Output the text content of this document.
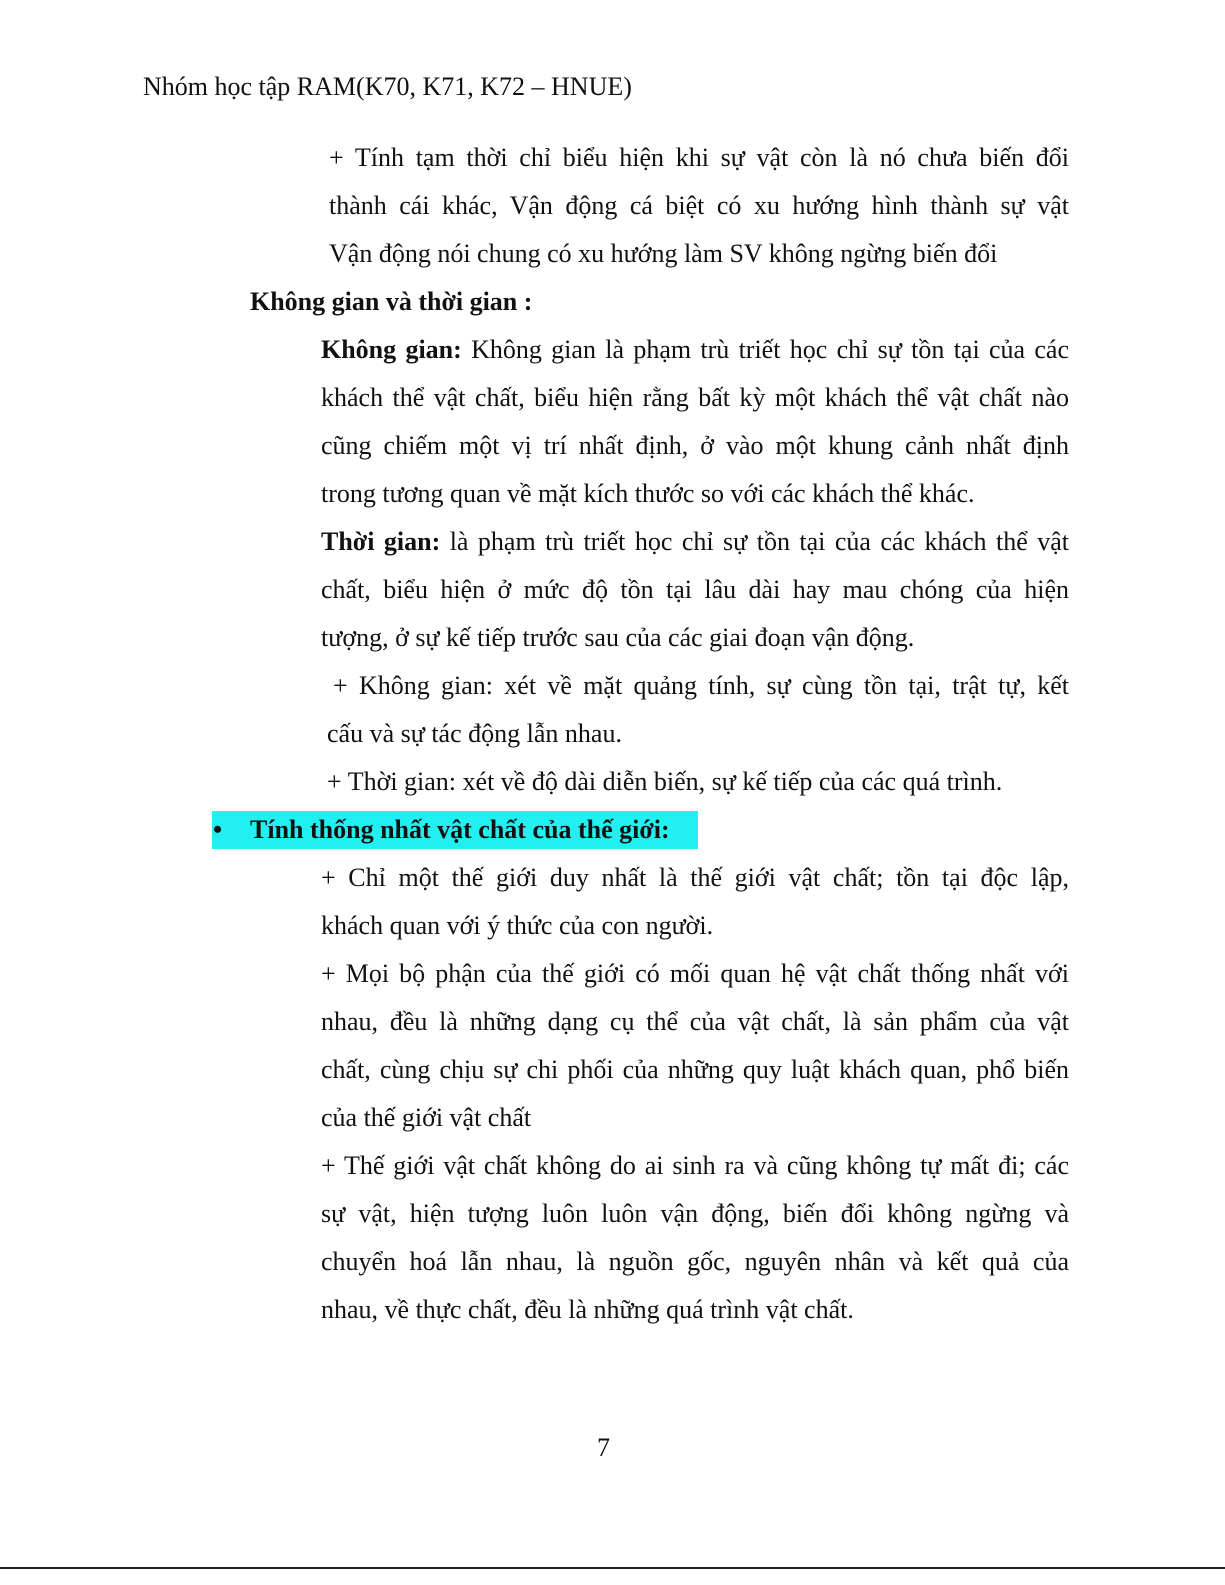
Nhóm học tập RAM(K70, K71, K72 – HNUE)
+ Tính tạm thời chỉ biểu hiện khi sự vật còn là nó chưa biến đổi
thành cái khác, Vận động cá biệt có xu hướng hình thành sự vật
Vận động nói chung có xu hướng làm SV không ngừng biến đổi
Không gian và thời gian :
Không gian: Không gian là phạm trù triết học chỉ sự tồn tại của các
khách thể vật chất, biểu hiện rằng bất kỳ một khách thể vật chất nào
cũng chiếm một vị trí nhất định, ở vào một khung cảnh nhất định
trong tương quan về mặt kích thước so với các khách thể khác.
Thời gian: là phạm trù triết học chỉ sự tồn tại của các khách thể vật
chất, biểu hiện ở mức độ tồn tại lâu dài hay mau chóng của hiện
tượng, ở sự kế tiếp trước sau của các giai đoạn vận động.
+ Không gian: xét về mặt quảng tính, sự cùng tồn tại, trật tự, kết
cấu và sự tác động lẫn nhau.
+ Thời gian: xét về độ dài diễn biến, sự kế tiếp của các quá trình.
• Tính thống nhất vật chất của thế giới:
+ Chỉ một thế giới duy nhất là thế giới vật chất; tồn tại độc lập,
khách quan với ý thức của con người.
+ Mọi bộ phận của thế giới có mối quan hệ vật chất thống nhất với
nhau, đều là những dạng cụ thể của vật chất, là sản phẩm của vật
chất, cùng chịu sự chi phối của những quy luật khách quan, phổ biến
của thế giới vật chất
+ Thế giới vật chất không do ai sinh ra và cũng không tự mất đi; các
sự vật, hiện tượng luôn luôn vận động, biến đổi không ngừng và
chuyển hoá lẫn nhau, là nguồn gốc, nguyên nhân và kết quả của
nhau, về thực chất, đều là những quá trình vật chất.
7
